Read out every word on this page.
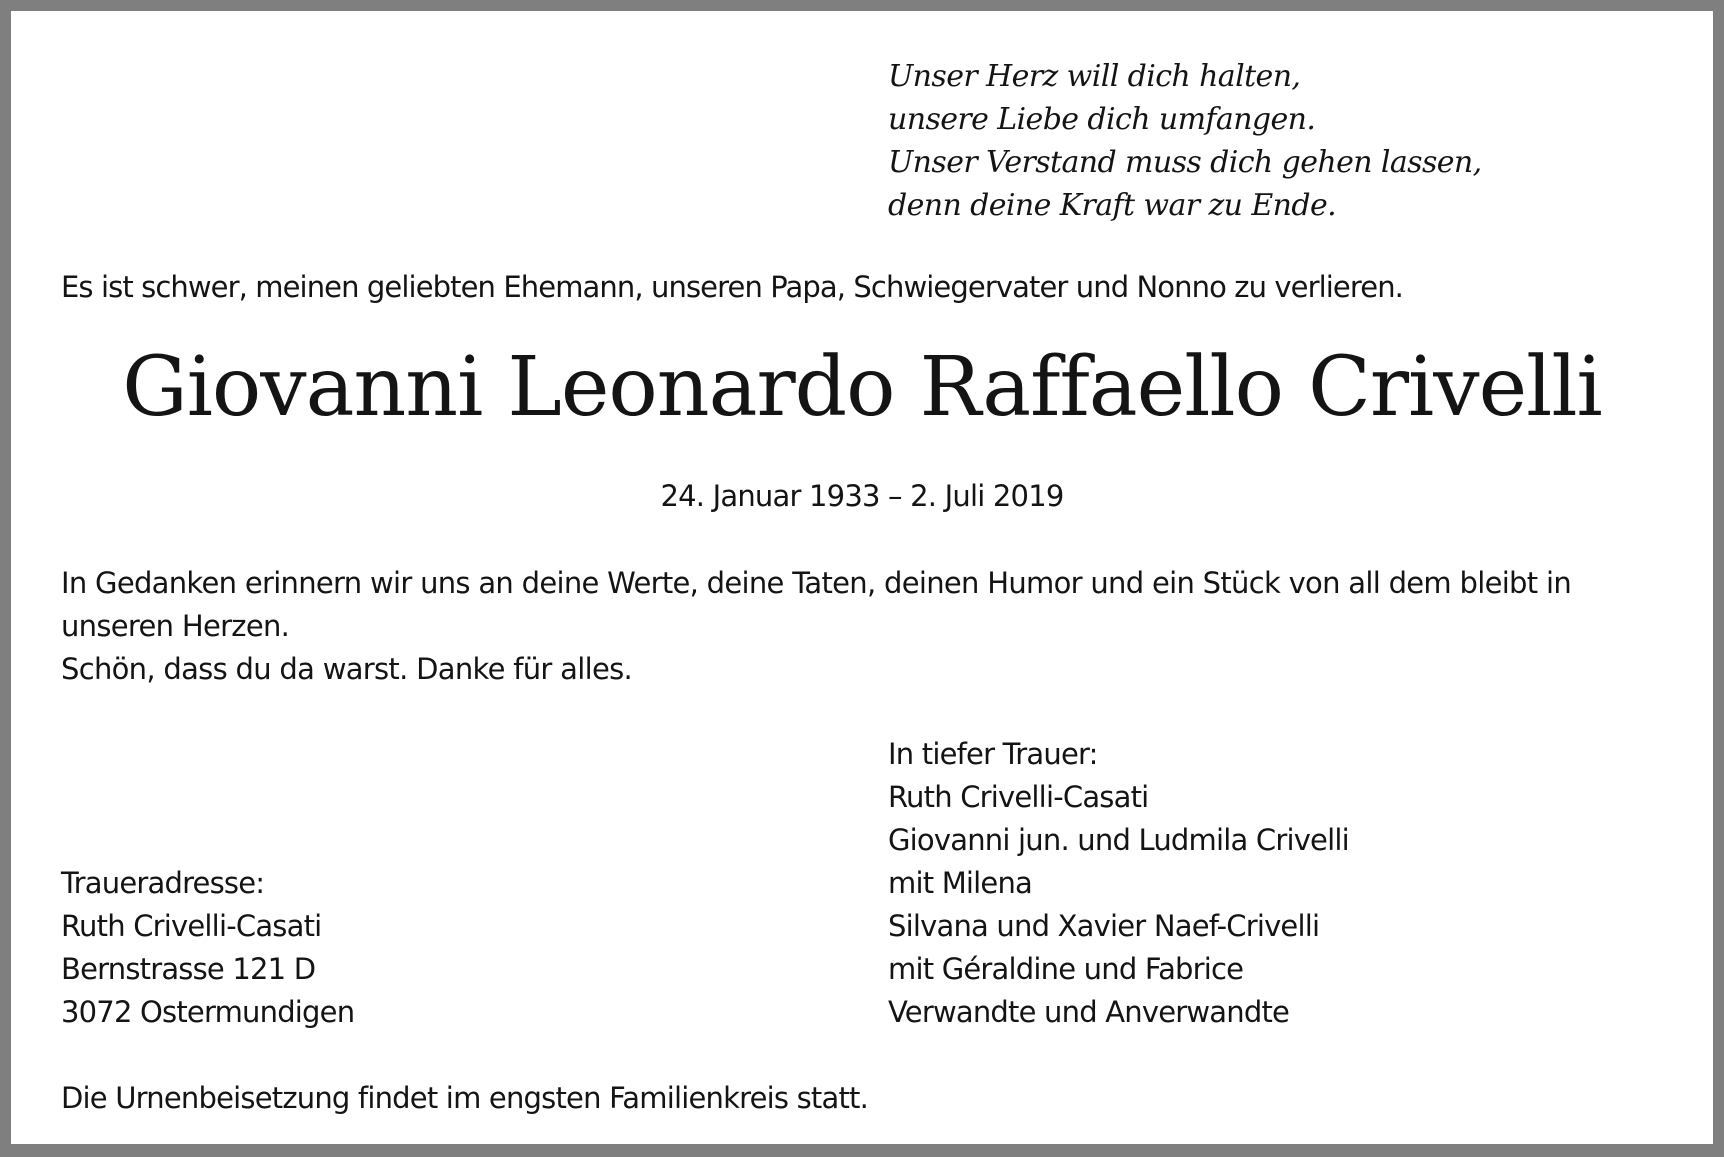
Unser Herz will dich halten,
unsere Liebe dich umfangen.
Unser Verstand muss dich gehen lassen,
denn deine Kraft war zu Ende.
Es ist schwer, meinen geliebten Ehemann, unseren Papa, Schwiegervater und Nonno zu verlieren.
Giovanni Leonardo Raffaello Crivelli
24. Januar 1933 – 2. Juli 2019

In Gedanken erinnern wir uns an deine Werte, deine Taten, deinen Humor und ein Stück von all dem bleibt in unseren Herzen.

Schön, dass du da warst. Danke für alles.

In tiefer Trauer:
Ruth Crivelli-Casati
Giovanni jun. und Ludmila Crivelli
mit Milena
Silvana und Xavier Naef-Crivelli
mit Géraldine und Fabrice
Verwandte und Anverwandte
Traueradresse:
Ruth Crivelli-Casati
Bernstrasse 121 D
3072 Ostermundigen
Die Urnenbeisetzung findet im engsten Familienkreis statt.
